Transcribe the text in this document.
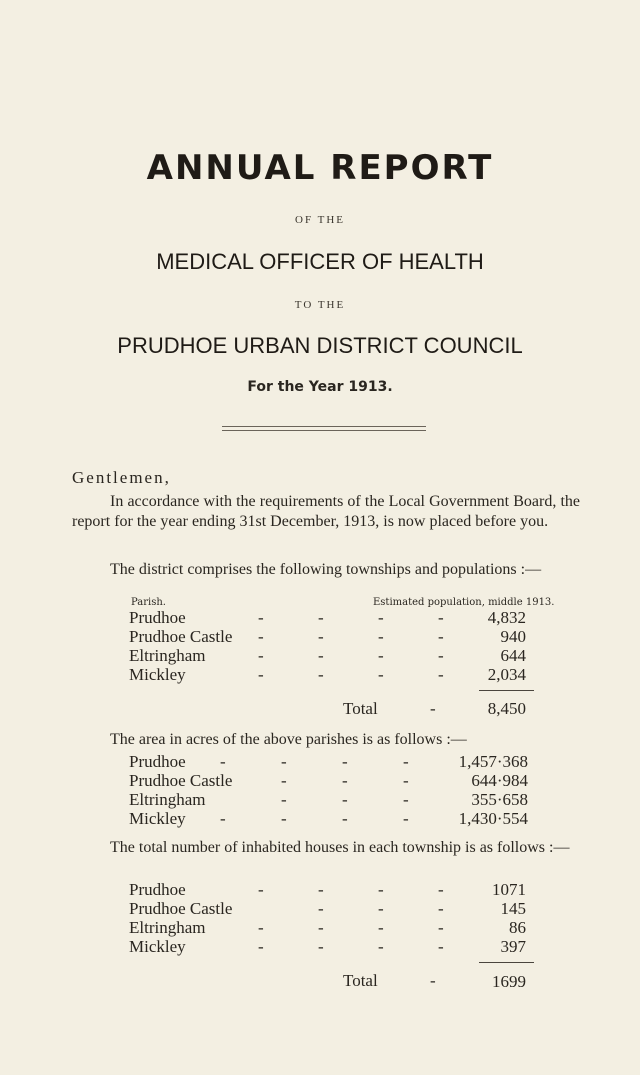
ANNUAL REPORT
OF THE
MEDICAL OFFICER OF HEALTH
TO THE
PRUDHOE URBAN DISTRICT COUNCIL
For the Year 1913.
Gentlemen,
In accordance with the requirements of the Local Government Board, the report for the year ending 31st December, 1913, is now placed before you.
The district comprises the following townships and populations :—
Parish.	Estimated population, middle 1913.
Prudhoe	-	-	-	-	4,832
Prudhoe Castle -	-	-	-	940
Eltringham	-	-	-	-	644
Mickley	-	-	-	-	2,034
Total	-	8,450
The area in acres of the above parishes is as follows :—
Prudhoe -	-	-	-	1,457·368
Prudhoe Castle	-	-	-	644·984
Eltringham	-	-	-	355·658
Mickley -	-	-	-	1,430·554
The total number of inhabited houses in each township is as follows :—
Prudhoe	-	-	-	-	1071
Prudhoe Castle	-	-	-	145
Eltringham	-	-	-	-	86
Mickley	-	-	-	-	397
Total	-	1699
